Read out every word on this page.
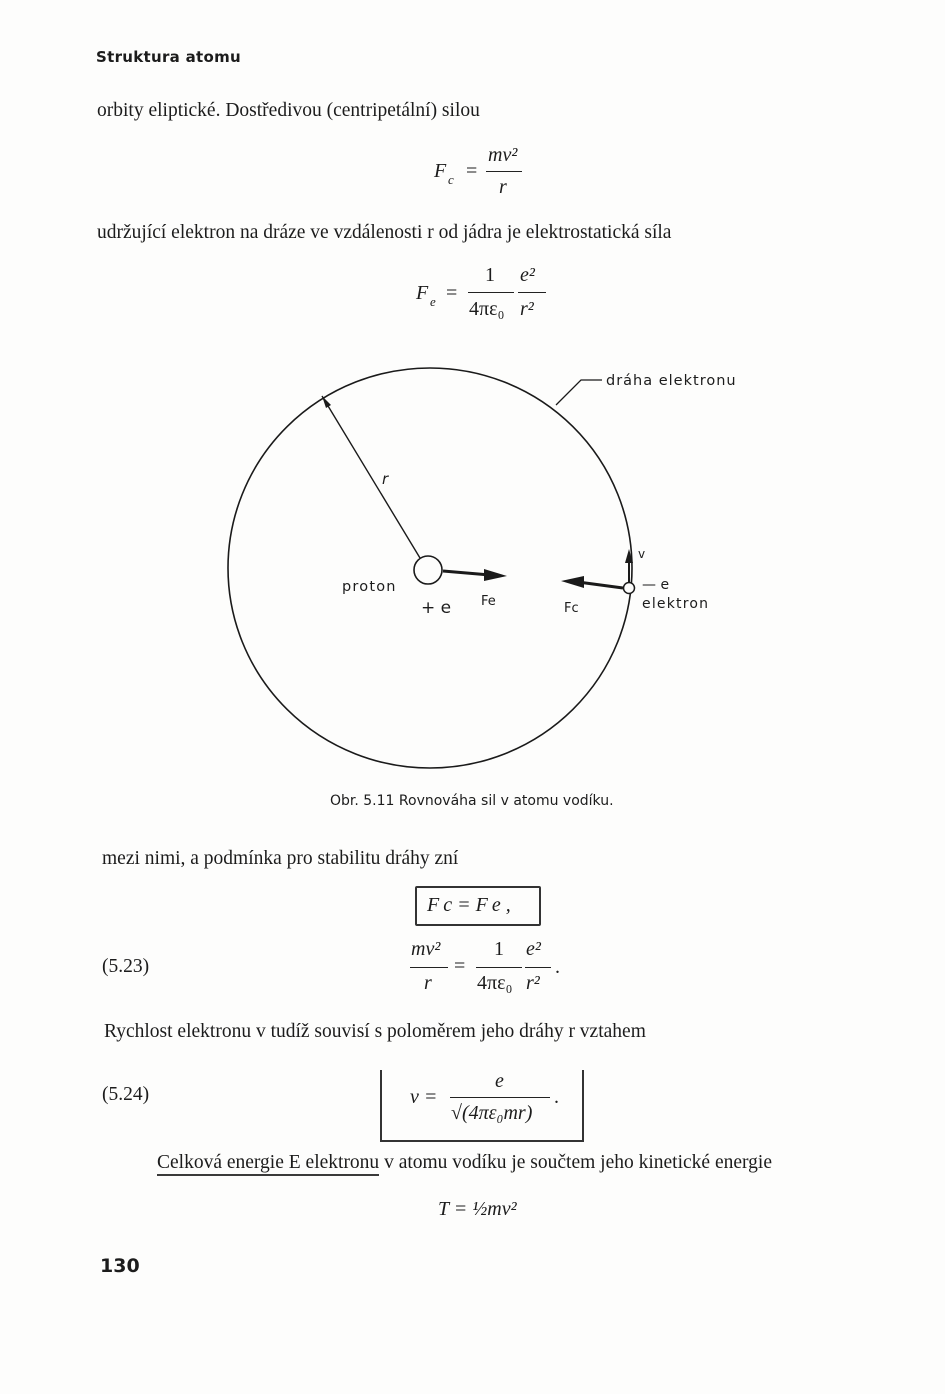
Struktura atomu
orbity eliptické. Dostředivou (centripetální) silou
F c =
mv²
r
udržující elektron na dráze ve vzdálenosti r od jádra je elektrostatická síla
F e =
1
4πε₀
e²
r²
r
dráha elektronu
proton
+ e Fe	Fc
v
— e
elektron
Obr. 5.11 Rovnováha sil v atomu vodíku.
mezi nimi, a podmínka pro stabilitu dráhy zní
F c = F e ,
(5.23)
mv²
r
=
1
4πε₀
e²
r²
.
Rychlost elektronu v tudíž souvisí s poloměrem jeho dráhy r vztahem
(5.24)	v =
e
√(4πε₀mr)
.
Celková energie E elektronu v atomu vodíku je součtem jeho kinetické energie
T = ½mv²
130
